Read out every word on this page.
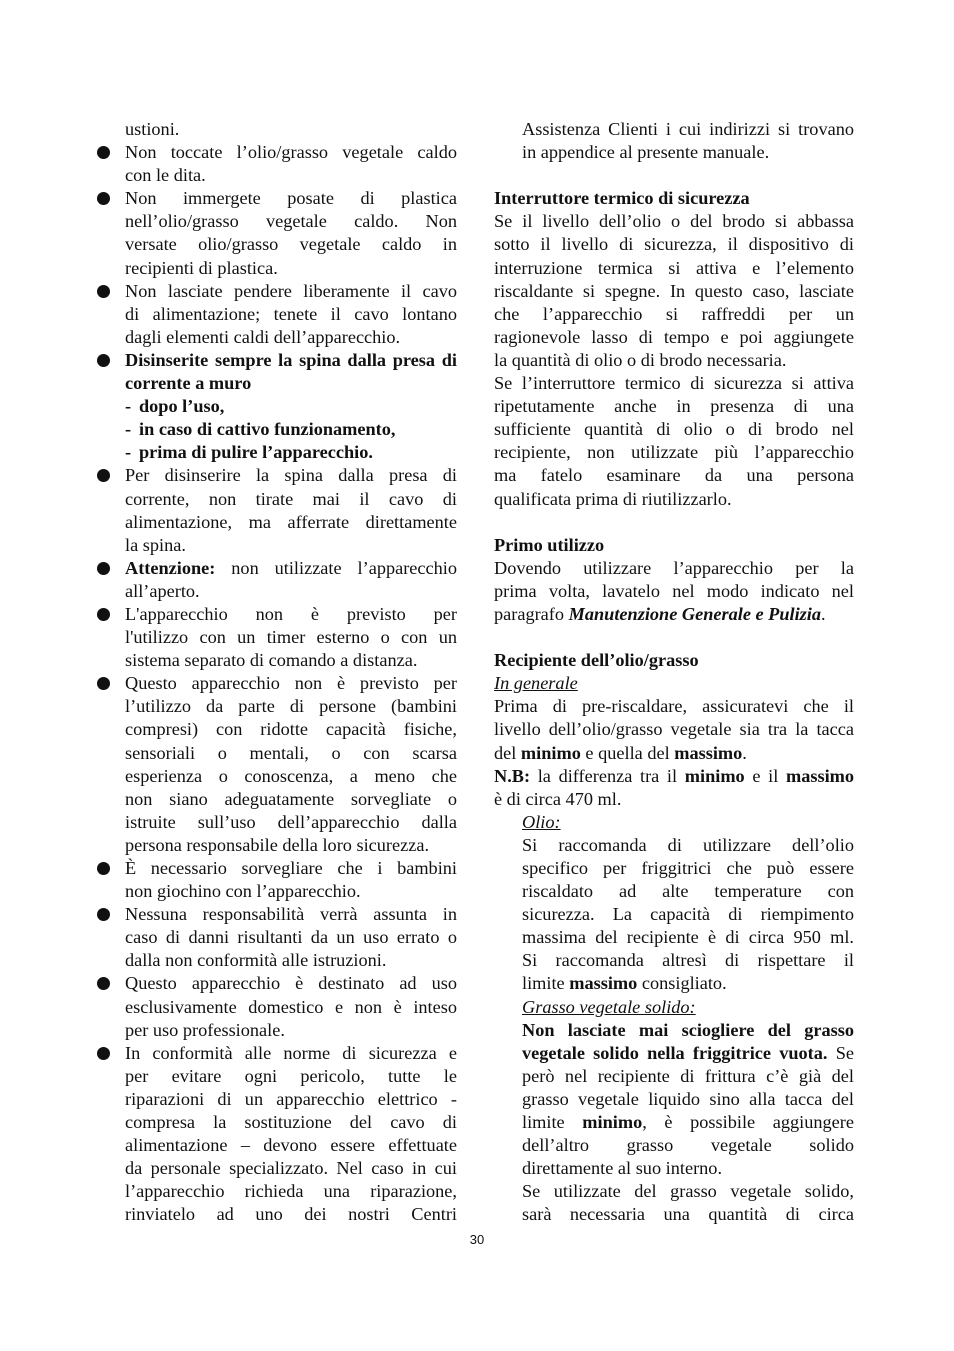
ustioni.
Non toccate l’olio/grasso vegetale caldo
con le dita.
Non immergete posate di plastica
nell’olio/grasso vegetale caldo. Non
versate olio/grasso vegetale caldo in
recipienti di plastica.
Non lasciate pendere liberamente il cavo
di alimentazione; tenete il cavo lontano
dagli elementi caldi dell’apparecchio.
Disinserite sempre la spina dalla presa di
corrente a muro
- dopo l’uso,
- in caso di cattivo funzionamento,
- prima di pulire l’apparecchio.
Per disinserire la spina dalla presa di
corrente, non tirate mai il cavo di
alimentazione, ma afferrate direttamente
la spina.
Attenzione: non utilizzate l’apparecchio
all’aperto.
L'apparecchio non è previsto per
l'utilizzo con un timer esterno o con un
sistema separato di comando a distanza.
Questo apparecchio non è previsto per
l’utilizzo da parte di persone (bambini
compresi) con ridotte capacità fisiche,
sensoriali o mentali, o con scarsa
esperienza o conoscenza, a meno che
non siano adeguatamente sorvegliate o
istruite sull’uso dell’apparecchio dalla
persona responsabile della loro sicurezza.
È necessario sorvegliare che i bambini
non giochino con l’apparecchio.
Nessuna responsabilità verrà assunta in
caso di danni risultanti da un uso errato o
dalla non conformità alle istruzioni.
Questo apparecchio è destinato ad uso
esclusivamente domestico e non è inteso
per uso professionale.
In conformità alle norme di sicurezza e
per evitare ogni pericolo, tutte le
riparazioni di un apparecchio elettrico -
compresa la sostituzione del cavo di
alimentazione – devono essere effettuate
da personale specializzato. Nel caso in cui
l’apparecchio richieda una riparazione,
rinviatelo ad uno dei nostri Centri
Assistenza Clienti i cui indirizzi si trovano
in appendice al presente manuale.
Interruttore termico di sicurezza
Se il livello dell’olio o del brodo si abbassa
sotto il livello di sicurezza, il dispositivo di
interruzione termica si attiva e l’elemento
riscaldante si spegne. In questo caso, lasciate
che l’apparecchio si raffreddi per un
ragionevole lasso di tempo e poi aggiungete
la quantità di olio o di brodo necessaria.
Se l’interruttore termico di sicurezza si attiva
ripetutamente anche in presenza di una
sufficiente quantità di olio o di brodo nel
recipiente, non utilizzate più l’apparecchio
ma fatelo esaminare da una persona
qualificata prima di riutilizzarlo.
Primo utilizzo
Dovendo utilizzare l’apparecchio per la
prima volta, lavatelo nel modo indicato nel
paragrafo Manutenzione Generale e Pulizia.
Recipiente dell’olio/grasso
In generale
Prima di pre-riscaldare, assicuratevi che il
livello dell’olio/grasso vegetale sia tra la tacca
del minimo e quella del massimo.
N.B: la differenza tra il minimo e il massimo
è di circa 470 ml.
Olio:
Si raccomanda di utilizzare dell’olio
specifico per friggitrici che può essere
riscaldato ad alte temperature con
sicurezza. La capacità di riempimento
massima del recipiente è di circa 950 ml.
Si raccomanda altresì di rispettare il
limite massimo consigliato.
Grasso vegetale solido:
Non lasciate mai sciogliere del grasso
vegetale solido nella friggitrice vuota. Se
però nel recipiente di frittura c’è già del
grasso vegetale liquido sino alla tacca del
limite minimo, è possibile aggiungere
dell’altro grasso vegetale solido
direttamente al suo interno.
Se utilizzate del grasso vegetale solido,
sarà necessaria una quantità di circa
30
